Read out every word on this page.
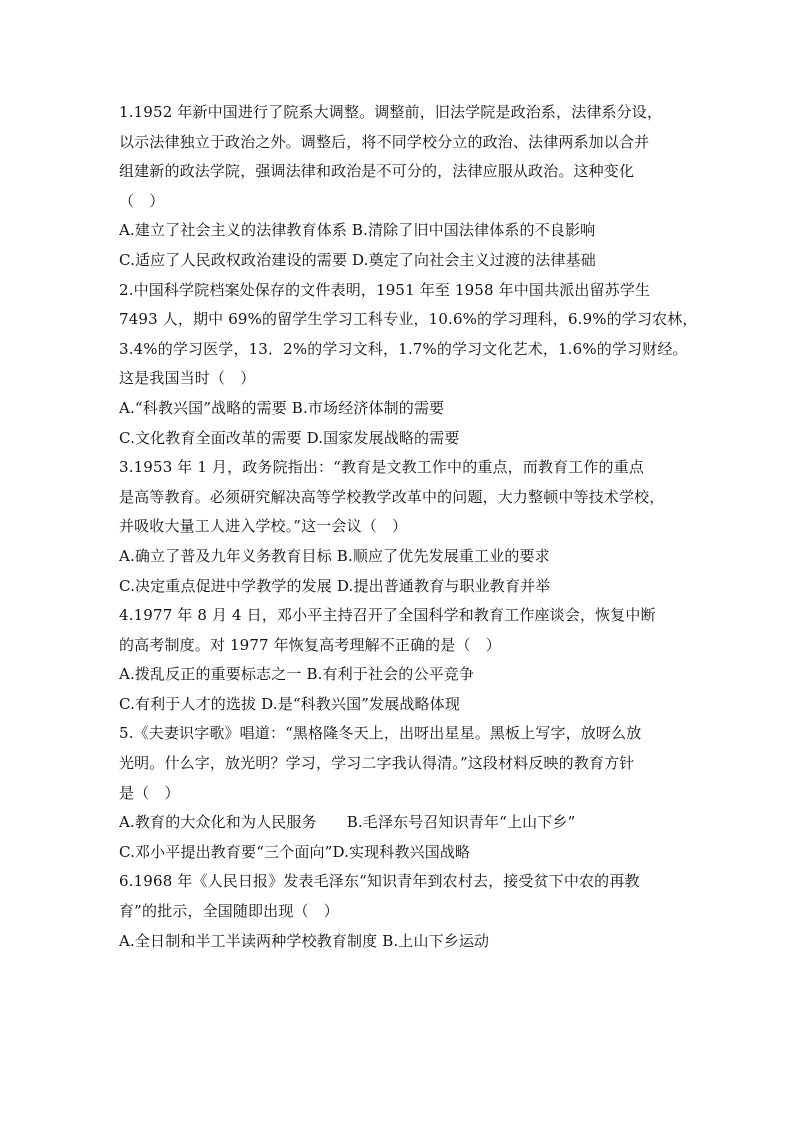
1.1952 年新中国进行了院系大调整。调整前，旧法学院是政治系，法律系分设，
以示法律独立于政治之外。调整后，将不同学校分立的政治、法律两系加以合并
组建新的政法学院，强调法律和政治是不可分的，法律应服从政治。这种变化
（　）
A.建立了社会主义的法律教育体系 B.清除了旧中国法律体系的不良影响
C.适应了人民政权政治建设的需要 D.奠定了向社会主义过渡的法律基础
2.中国科学院档案处保存的文件表明，1951 年至 1958 年中国共派出留苏学生
7493 人，期中 69%的留学生学习工科专业，10.6%的学习理科，6.9%的学习农林，
3.4%的学习医学，13．2%的学习文科，1.7%的学习文化艺术，1.6%的学习财经。
这是我国当时（　）
A.“科教兴国”战略的需要 B.市场经济体制的需要
C.文化教育全面改革的需要 D.国家发展战略的需要
3.1953 年 1 月，政务院指出：“教育是文教工作中的重点，而教育工作的重点
是高等教育。必须研究解决高等学校教学改革中的问题，大力整顿中等技术学校，
并吸收大量工人进入学校。”这一会议（　）
A.确立了普及九年义务教育目标 B.顺应了优先发展重工业的要求
C.决定重点促进中学教学的发展 D.提出普通教育与职业教育并举
4.1977 年 8 月 4 日，邓小平主持召开了全国科学和教育工作座谈会，恢复中断
的高考制度。对 1977 年恢复高考理解不正确的是（　）
A.拨乱反正的重要标志之一 B.有利于社会的公平竞争
C.有利于人才的选拔 D.是“科教兴国”发展战略体现
5.《夫妻识字歌》唱道：“黑格隆冬天上，出呀出星星。黑板上写字，放呀么放
光明。什么字，放光明？学习，学习二字我认得清。”这段材料反映的教育方针
是（　）
A.教育的大众化和为人民服务 B.毛泽东号召知识青年“上山下乡”
C.邓小平提出教育要“三个面向”D.实现科教兴国战略
6.1968 年《人民日报》发表毛泽东“知识青年到农村去，接受贫下中农的再教
育”的批示，全国随即出现（　）
A.全日制和半工半读两种学校教育制度 B.上山下乡运动
